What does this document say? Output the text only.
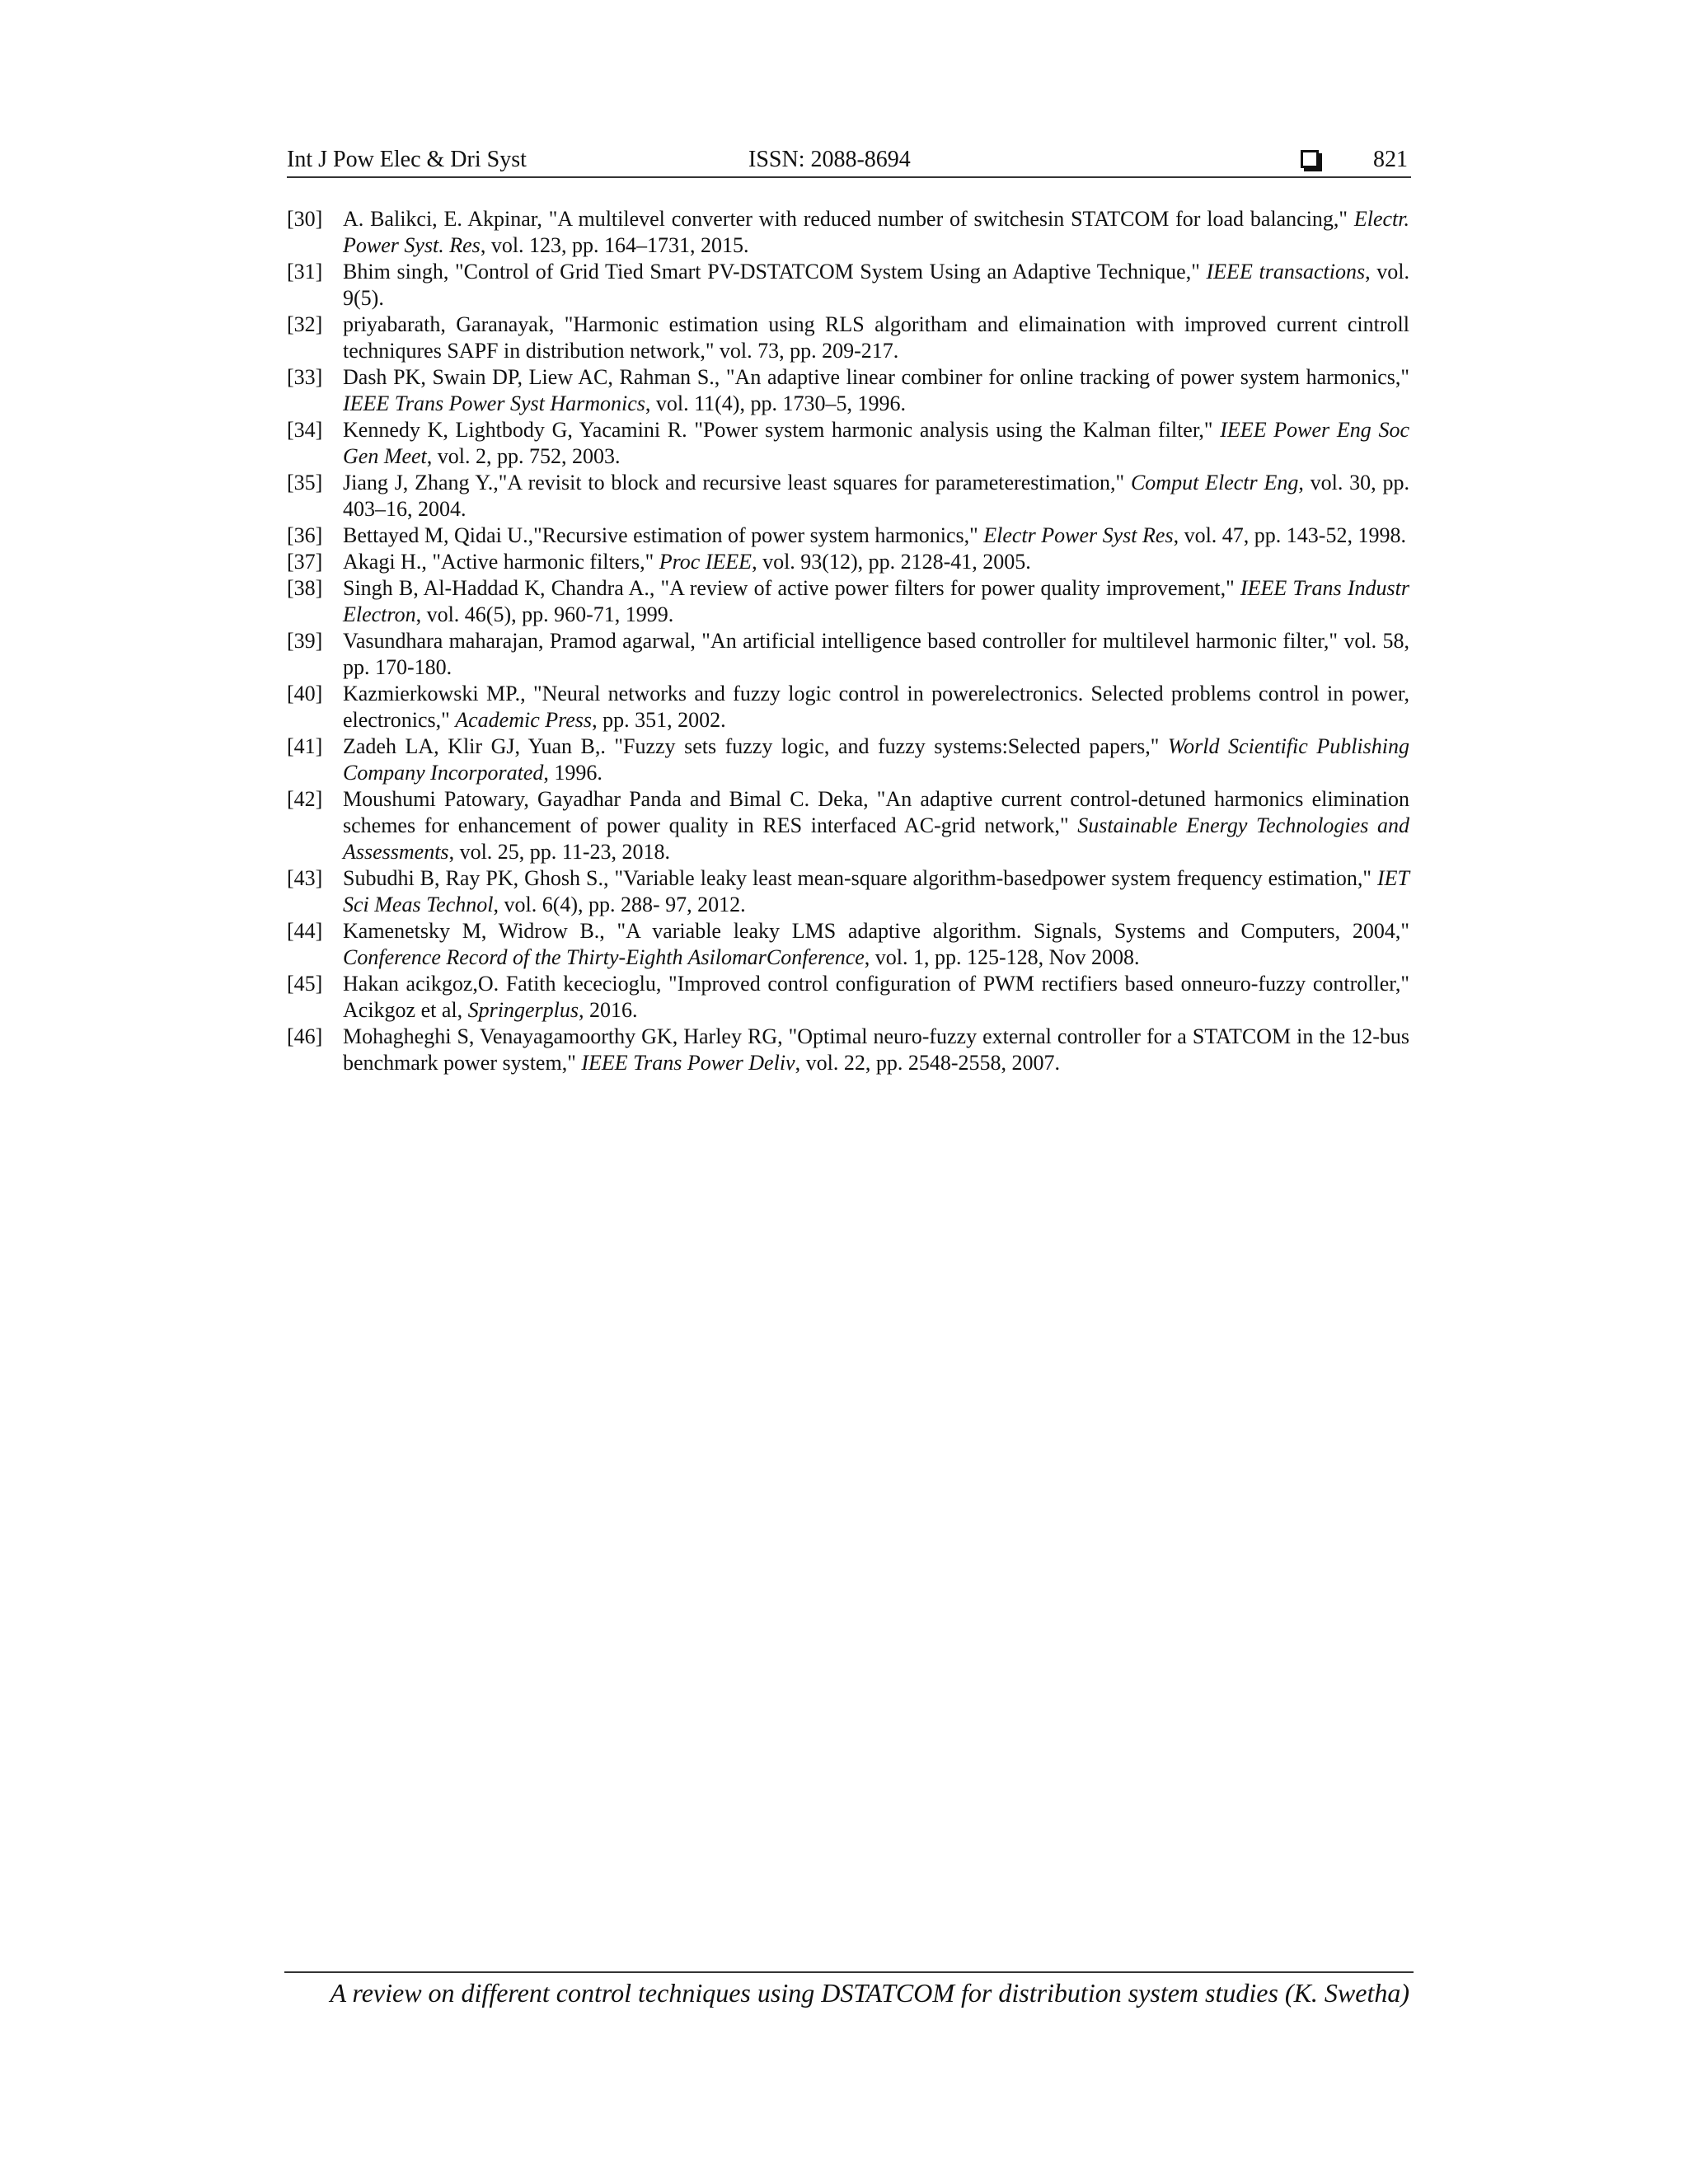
Int J Pow Elec & Dri Syst	ISSN: 2088-8694	821
[30] A. Balikci, E. Akpinar, "A multilevel converter with reduced number of switchesin STATCOM for load balancing," Electr. Power Syst. Res, vol. 123, pp. 164–1731, 2015.
[31] Bhim singh, "Control of Grid Tied Smart PV-DSTATCOM System Using an Adaptive Technique," IEEE transactions, vol. 9(5).
[32] priyabarath, Garanayak, "Harmonic estimation using RLS algoritham and elimaination with improved current cintroll techniqures SAPF in distribution network," vol. 73, pp. 209-217.
[33] Dash PK, Swain DP, Liew AC, Rahman S., "An adaptive linear combiner for online tracking of power system harmonics," IEEE Trans Power Syst Harmonics, vol. 11(4), pp. 1730–5, 1996.
[34] Kennedy K, Lightbody G, Yacamini R. "Power system harmonic analysis using the Kalman filter," IEEE Power Eng Soc Gen Meet, vol. 2, pp. 752, 2003.
[35] Jiang J, Zhang Y.,"A revisit to block and recursive least squares for parameterestimation," Comput Electr Eng, vol. 30, pp. 403–16, 2004.
[36] Bettayed M, Qidai U.,"Recursive estimation of power system harmonics," Electr Power Syst Res, vol. 47, pp. 143-52, 1998.
[37] Akagi H., "Active harmonic filters," Proc IEEE, vol. 93(12), pp. 2128-41, 2005.
[38] Singh B, Al-Haddad K, Chandra A., "A review of active power filters for power quality improvement," IEEE Trans Industr Electron, vol. 46(5), pp. 960-71, 1999.
[39] Vasundhara maharajan, Pramod agarwal, "An artificial intelligence based controller for multilevel harmonic filter," vol. 58, pp. 170-180.
[40] Kazmierkowski MP., "Neural networks and fuzzy logic control in powerelectronics. Selected problems control in power, electronics," Academic Press, pp. 351, 2002.
[41] Zadeh LA, Klir GJ, Yuan B,. "Fuzzy sets fuzzy logic, and fuzzy systems:Selected papers," World Scientific Publishing Company Incorporated, 1996.
[42] Moushumi Patowary, Gayadhar Panda and Bimal C. Deka, "An adaptive current control-detuned harmonics elimination schemes for enhancement of power quality in RES interfaced AC-grid network," Sustainable Energy Technologies and Assessments, vol. 25, pp. 11-23, 2018.
[43] Subudhi B, Ray PK, Ghosh S., "Variable leaky least mean-square algorithm-basedpower system frequency estimation," IET Sci Meas Technol, vol. 6(4), pp. 288- 97, 2012.
[44] Kamenetsky M, Widrow B., "A variable leaky LMS adaptive algorithm. Signals, Systems and Computers, 2004," Conference Record of the Thirty-Eighth AsilomarConference, vol. 1, pp. 125-128, Nov 2008.
[45] Hakan acikgoz,O. Fatith kececioglu, "Improved control configuration of PWM rectifiers based onneuro-fuzzy controller," Acikgoz et al, Springerplus, 2016.
[46] Mohagheghi S, Venayagamoorthy GK, Harley RG, "Optimal neuro-fuzzy external controller for a STATCOM in the 12-bus benchmark power system," IEEE Trans Power Deliv, vol. 22, pp. 2548-2558, 2007.
A review on different control techniques using DSTATCOM for distribution system studies (K. Swetha)
